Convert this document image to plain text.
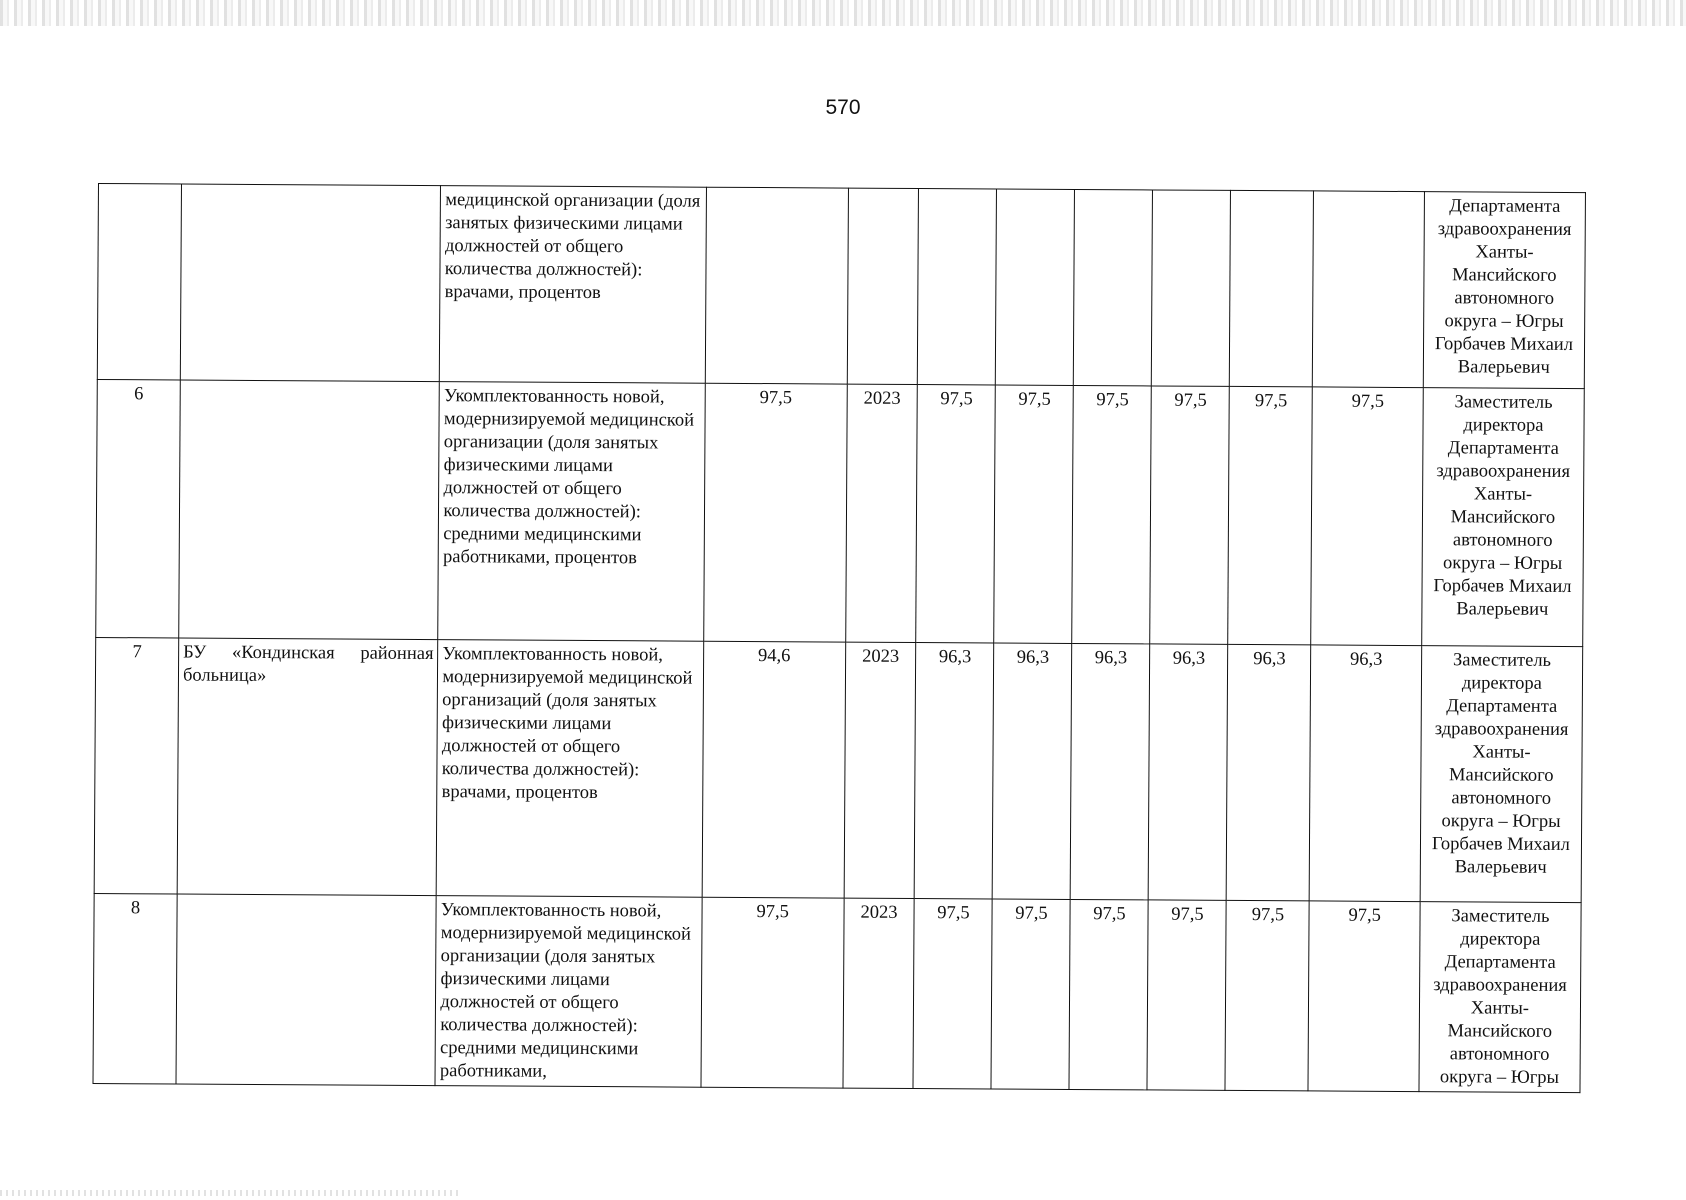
570
		медицинской организации (доля занятых физическими лицами должностей от общего количества должностей): врачами, процентов									Департамента здравоохранения Ханты-Мансийского автономного округа – Югры Горбачев Михаил Валерьевич
6		Укомплектованность новой, модернизируемой медицинской организации (доля занятых физическими лицами должностей от общего количества должностей): средними медицинскими работниками, процентов	97,5	2023	97,5	97,5	97,5	97,5	97,5	97,5	Заместитель директора Департамента здравоохранения Ханты-Мансийского автономного округа – Югры Горбачев Михаил Валерьевич
7	БУ «Кондинская районная больница»	Укомплектованность новой, модернизируемой медицинской организаций (доля занятых физическими лицами должностей от общего количества должностей): врачами, процентов	94,6	2023	96,3	96,3	96,3	96,3	96,3	96,3	Заместитель директора Департамента здравоохранения Ханты-Мансийского автономного округа – Югры Горбачев Михаил Валерьевич
8		Укомплектованность новой, модернизируемой медицинской организации (доля занятых физическими лицами должностей от общего количества должностей): средними медицинскими работниками,	97,5	2023	97,5	97,5	97,5	97,5	97,5	97,5	Заместитель директора Департамента здравоохранения Ханты-Мансийского автономного округа – Югры
